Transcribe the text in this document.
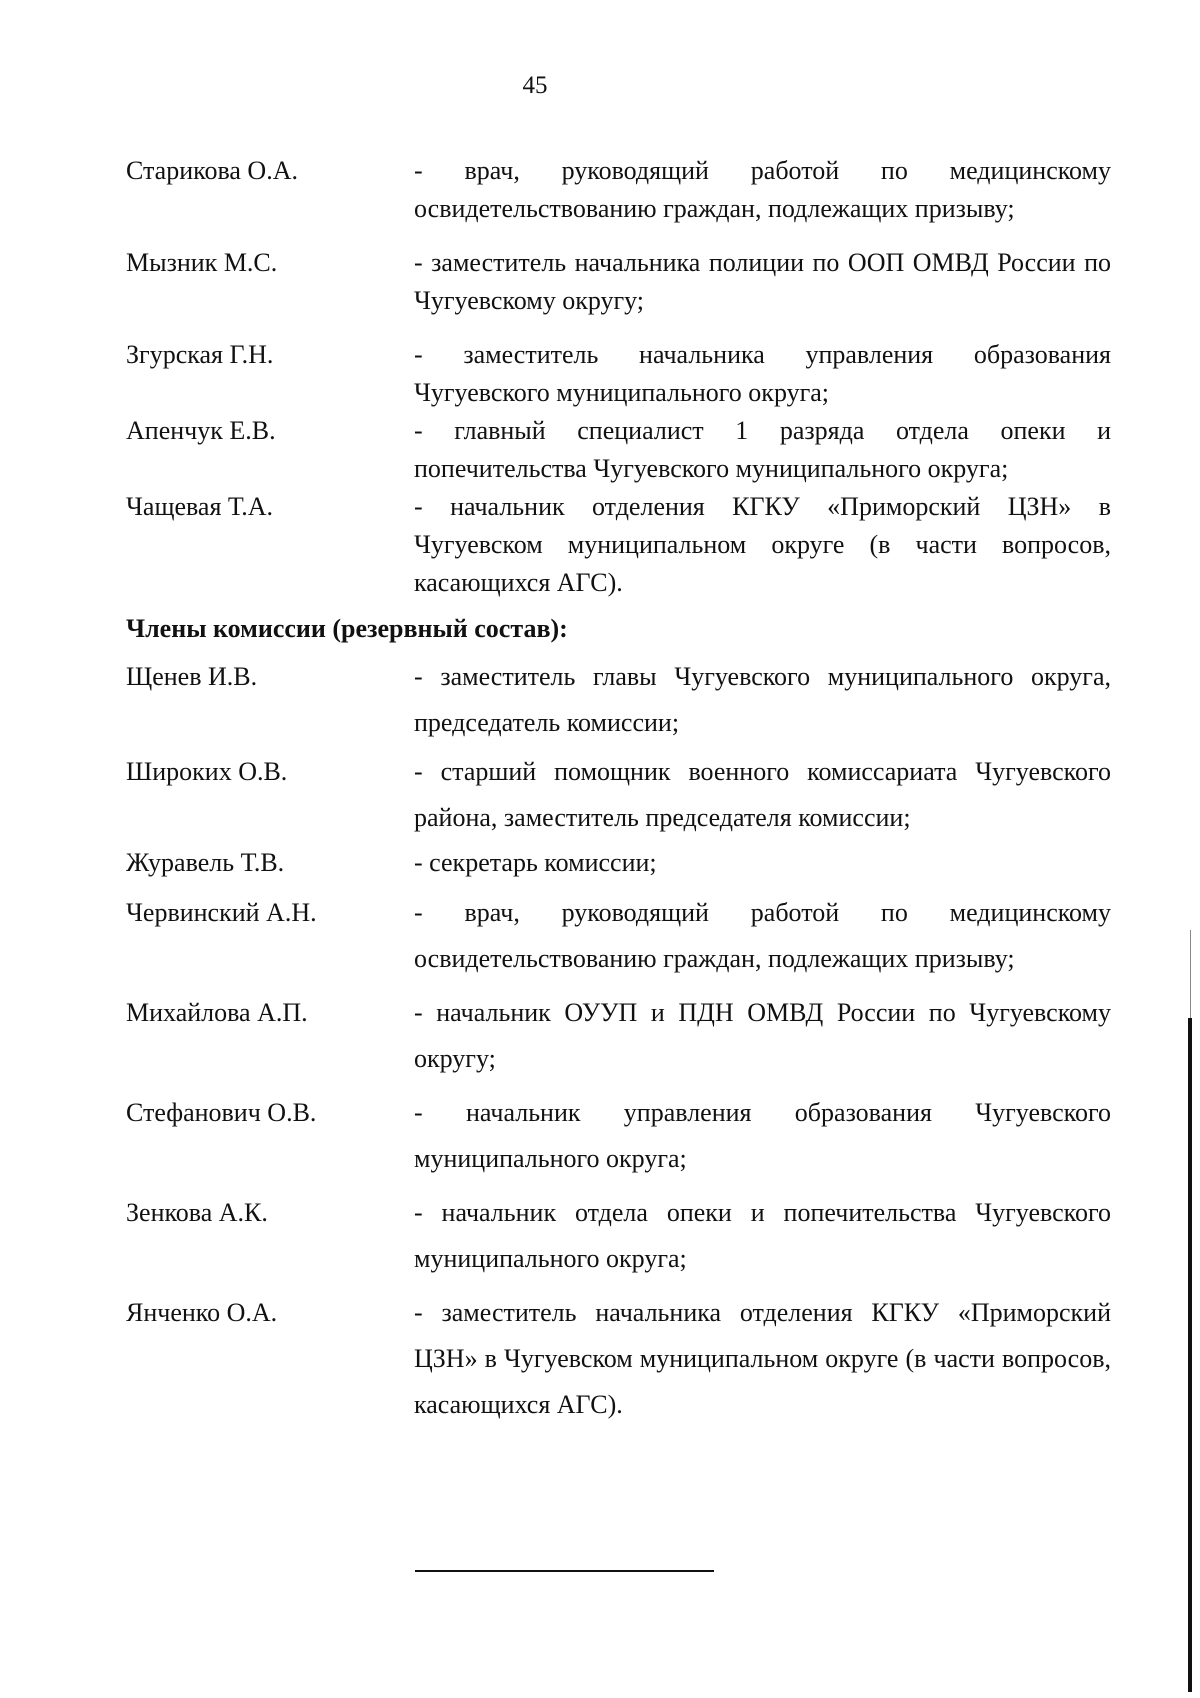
45
Старикова О.А.	- врач, руководящий работой по медицинскому освидетельствованию граждан, подлежащих призыву;
Мызник М.С.	- заместитель начальника полиции по ООП ОМВД России по Чугуевскому округу;
Згурская Г.Н.	- заместитель начальника управления образования Чугуевского муниципального округа;
Апенчук Е.В.	- главный специалист 1 разряда отдела опеки и попечительства Чугуевского муниципального округа;
Чащевая Т.А.	- начальник отделения КГКУ «Приморский ЦЗН» в Чугуевском муниципальном округе (в части вопросов, касающихся АГС).
Члены комиссии (резервный состав):
Щенев И.В.	- заместитель главы Чугуевского муниципального округа, председатель комиссии;
Широких О.В.	- старший помощник военного комиссариата Чугуевского района, заместитель председателя комиссии;
Журавель Т.В.	- секретарь комиссии;
Червинский А.Н.	- врач, руководящий работой по медицинскому освидетельствованию граждан, подлежащих призыву;
Михайлова А.П.	- начальник ОУУП и ПДН ОМВД России по Чугуевскому округу;
Стефанович О.В.	- начальник управления образования Чугуевского муниципального округа;
Зенкова А.К.	- начальник отдела опеки и попечительства Чугуевского муниципального округа;
Янченко О.А.	- заместитель начальника отделения КГКУ «Приморский ЦЗН» в Чугуевском муниципальном округе (в части вопросов, касающихся АГС).
